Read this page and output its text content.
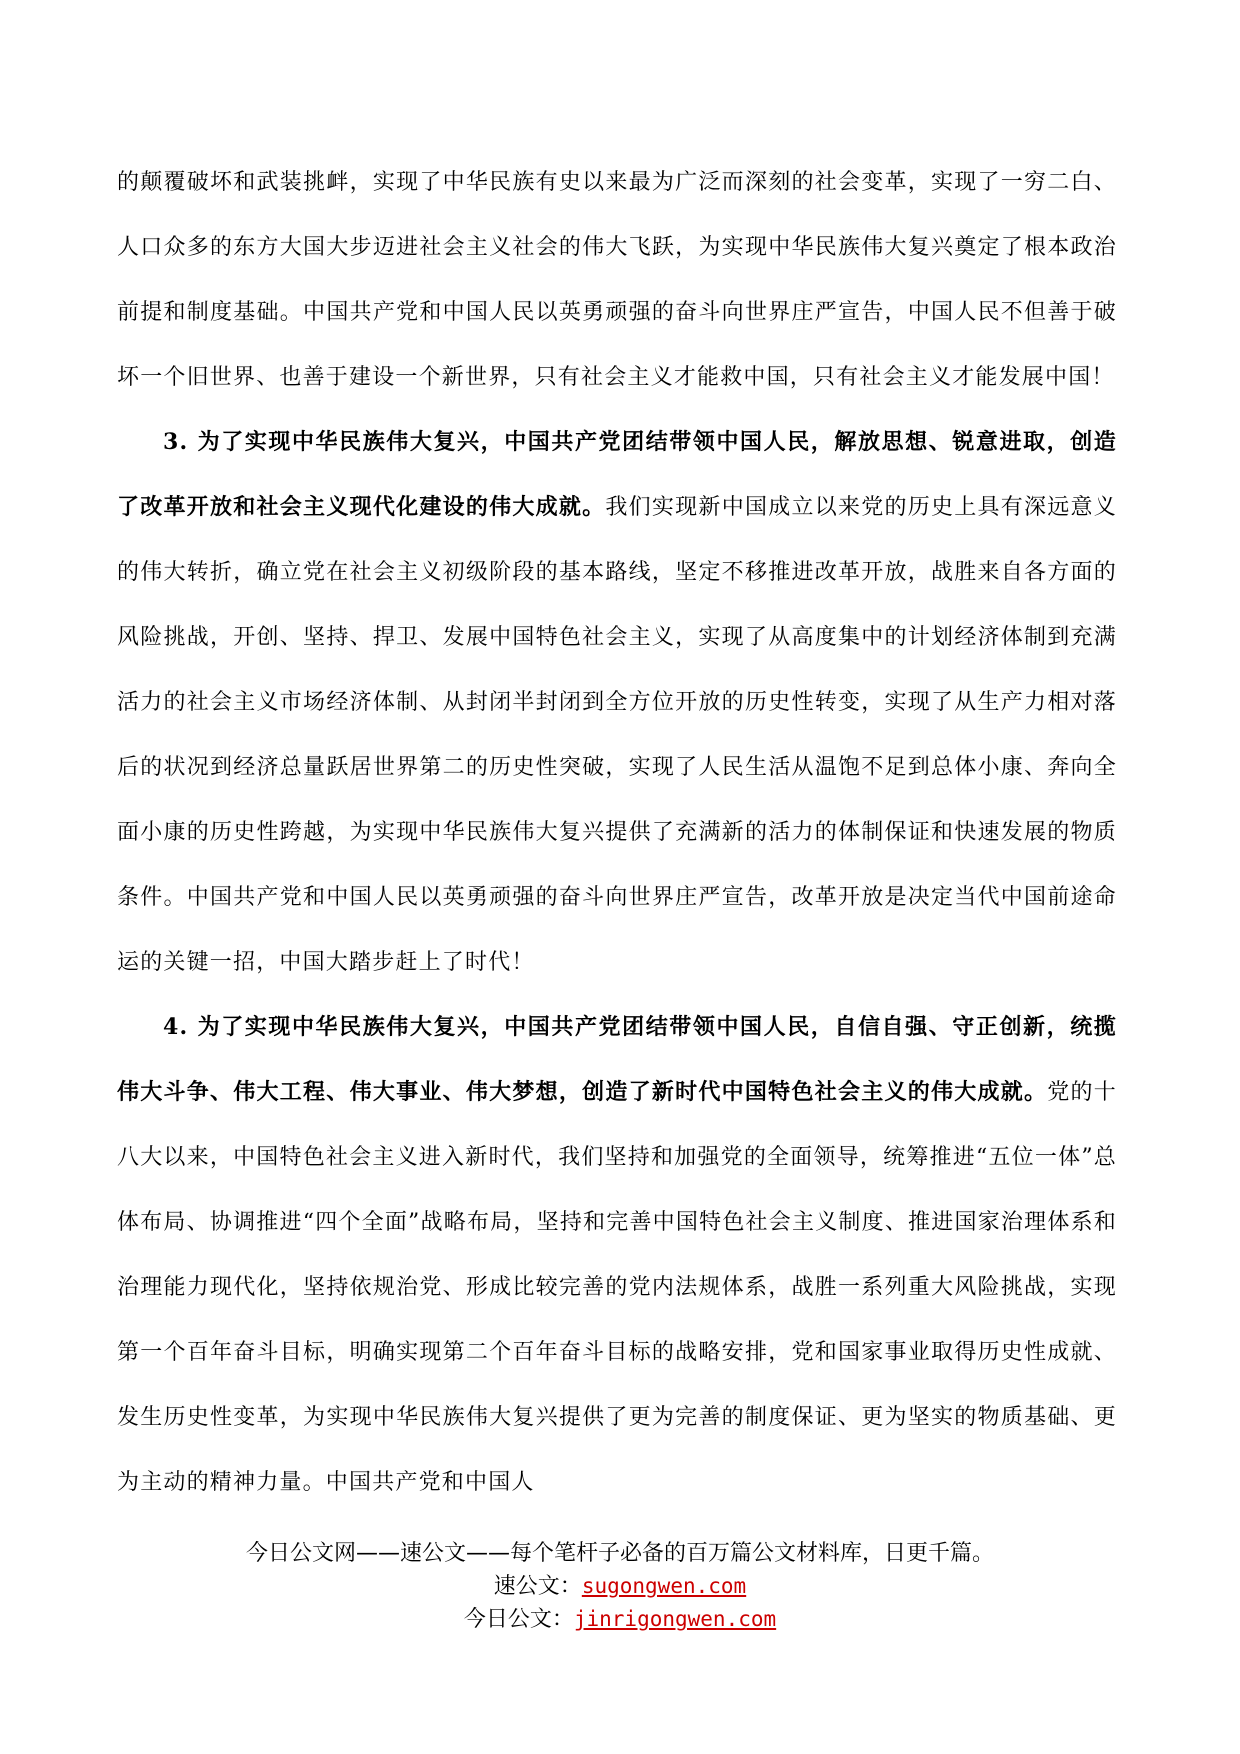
的颠覆破坏和武装挑衅，实现了中华民族有史以来最为广泛而深刻的社会变革，实现了一穷二白、人口众多的东方大国大步迈进社会主义社会的伟大飞跃，为实现中华民族伟大复兴奠定了根本政治前提和制度基础。中国共产党和中国人民以英勇顽强的奋斗向世界庄严宣告，中国人民不但善于破坏一个旧世界、也善于建设一个新世界，只有社会主义才能救中国，只有社会主义才能发展中国！

3. 为了实现中华民族伟大复兴，中国共产党团结带领中国人民，解放思想、锐意进取，创造了改革开放和社会主义现代化建设的伟大成就。我们实现新中国成立以来党的历史上具有深远意义的伟大转折，确立党在社会主义初级阶段的基本路线，坚定不移推进改革开放，战胜来自各方面的风险挑战，开创、坚持、捍卫、发展中国特色社会主义，实现了从高度集中的计划经济体制到充满活力的社会主义市场经济体制、从封闭半封闭到全方位开放的历史性转变，实现了从生产力相对落后的状况到经济总量跃居世界第二的历史性突破，实现了人民生活从温饱不足到总体小康、奔向全面小康的历史性跨越，为实现中华民族伟大复兴提供了充满新的活力的体制保证和快速发展的物质条件。中国共产党和中国人民以英勇顽强的奋斗向世界庄严宣告，改革开放是决定当代中国前途命运的关键一招，中国大踏步赶上了时代！

4. 为了实现中华民族伟大复兴，中国共产党团结带领中国人民，自信自强、守正创新，统揽伟大斗争、伟大工程、伟大事业、伟大梦想，创造了新时代中国特色社会主义的伟大成就。党的十八大以来，中国特色社会主义进入新时代，我们坚持和加强党的全面领导，统筹推进“五位一体”总体布局、协调推进“四个全面”战略布局，坚持和完善中国特色社会主义制度、推进国家治理体系和治理能力现代化，坚持依规治党、形成比较完善的党内法规体系，战胜一系列重大风险挑战，实现第一个百年奋斗目标，明确实现第二个百年奋斗目标的战略安排，党和国家事业取得历史性成就、发生历史性变革，为实现中华民族伟大复兴提供了更为完善的制度保证、更为坚实的物质基础、更为主动的精神力量。中国共产党和中国人

今日公文网——速公文——每个笔杆子必备的百万篇公文材料库，日更千篇。
速公文：sugongwen.com
今日公文：jinrigongwen.com
